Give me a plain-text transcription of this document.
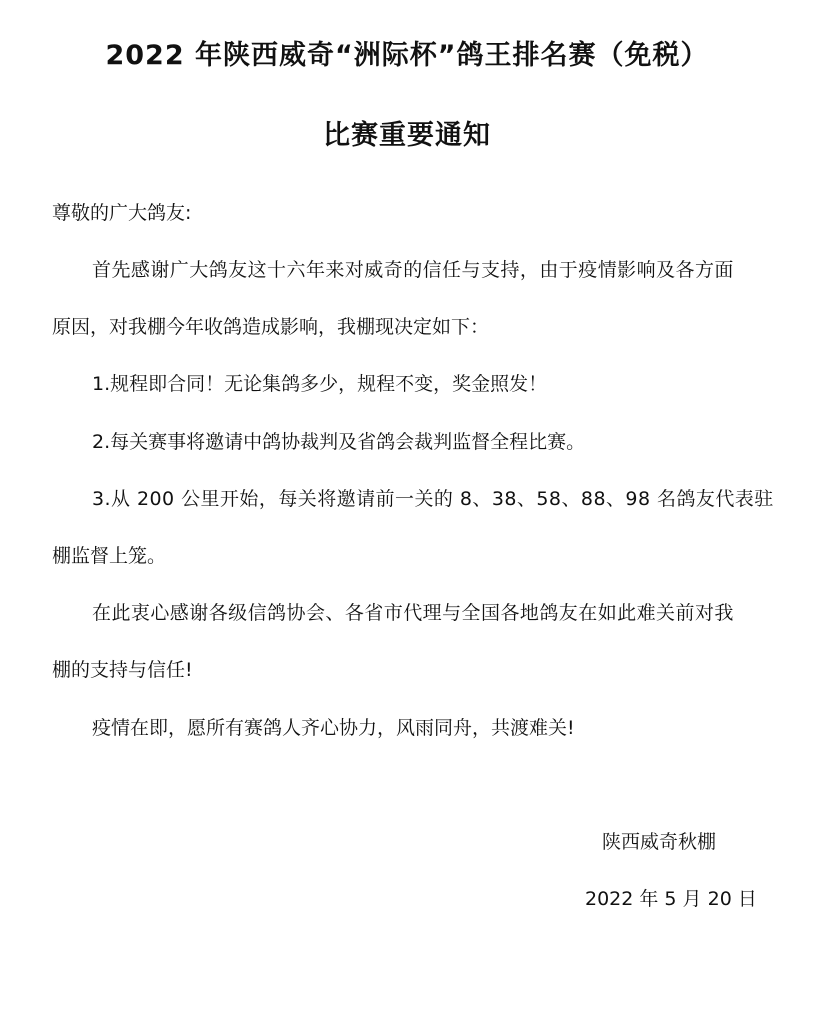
2022 年陕西威奇“洲际杯”鸽王排名赛（免税）
比赛重要通知
尊敬的广大鸽友:
首先感谢广大鸽友这十六年来对威奇的信任与支持，由于疫情影响及各方面
原因，对我棚今年收鸽造成影响，我棚现决定如下：
1.规程即合同！无论集鸽多少，规程不变，奖金照发！
2.每关赛事将邀请中鸽协裁判及省鸽会裁判监督全程比赛。
3.从 200 公里开始，每关将邀请前一关的 8、38、58、88、98 名鸽友代表驻
棚监督上笼。
在此衷心感谢各级信鸽协会、各省市代理与全国各地鸽友在如此难关前对我
棚的支持与信任!
疫情在即，愿所有赛鸽人齐心协力，风雨同舟，共渡难关!
陕西威奇秋棚
2022 年 5 月 20 日
